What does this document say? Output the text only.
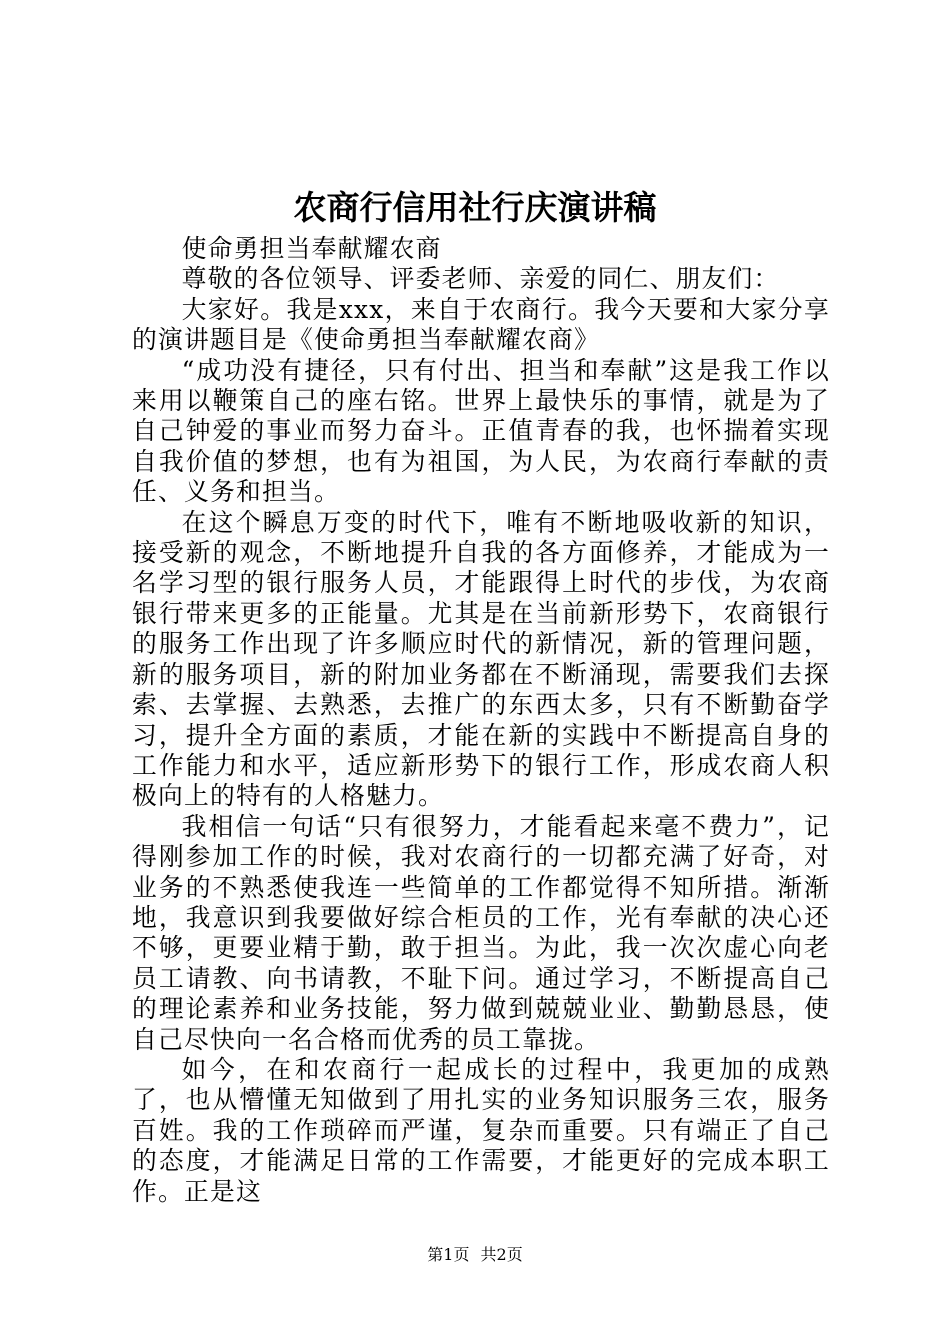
农商行信用社行庆演讲稿

使命勇担当奉献耀农商

尊敬的各位领导、评委老师、亲爱的同仁、朋友们：

大家好。我是xxx，来自于农商行。我今天要和大家分享的演讲题目是《使命勇担当奉献耀农商》

“成功没有捷径，只有付出、担当和奉献”这是我工作以来用以鞭策自己的座右铭。世界上最快乐的事情，就是为了自己钟爱的事业而努力奋斗。正值青春的我，也怀揣着实现自我价值的梦想，也有为祖国，为人民，为农商行奉献的责任、义务和担当。

在这个瞬息万变的时代下，唯有不断地吸收新的知识，接受新的观念，不断地提升自我的各方面修养，才能成为一名学习型的银行服务人员，才能跟得上时代的步伐，为农商银行带来更多的正能量。尤其是在当前新形势下，农商银行的服务工作出现了许多顺应时代的新情况，新的管理问题，新的服务项目，新的附加业务都在不断涌现，需要我们去探索、去掌握、去熟悉，去推广的东西太多，只有不断勤奋学习，提升全方面的素质，才能在新的实践中不断提高自身的工作能力和水平，适应新形势下的银行工作，形成农商人积极向上的特有的人格魅力。

我相信一句话“只有很努力，才能看起来毫不费力”，记得刚参加工作的时候，我对农商行的一切都充满了好奇，对业务的不熟悉使我连一些简单的工作都觉得不知所措。渐渐地，我意识到我要做好综合柜员的工作，光有奉献的决心还不够，更要业精于勤，敢于担当。为此，我一次次虚心向老员工请教、向书请教，不耻下问。通过学习，不断提高自己的理论素养和业务技能，努力做到兢兢业业、勤勤恳恳，使自己尽快向一名合格而优秀的员工靠拢。

如今，在和农商行一起成长的过程中，我更加的成熟了，也从懵懂无知做到了用扎实的业务知识服务三农，服务百姓。我的工作琐碎而严谨，复杂而重要。只有端正了自己的态度，才能满足日常的工作需要，才能更好的完成本职工作。正是这

第1页 共2页
